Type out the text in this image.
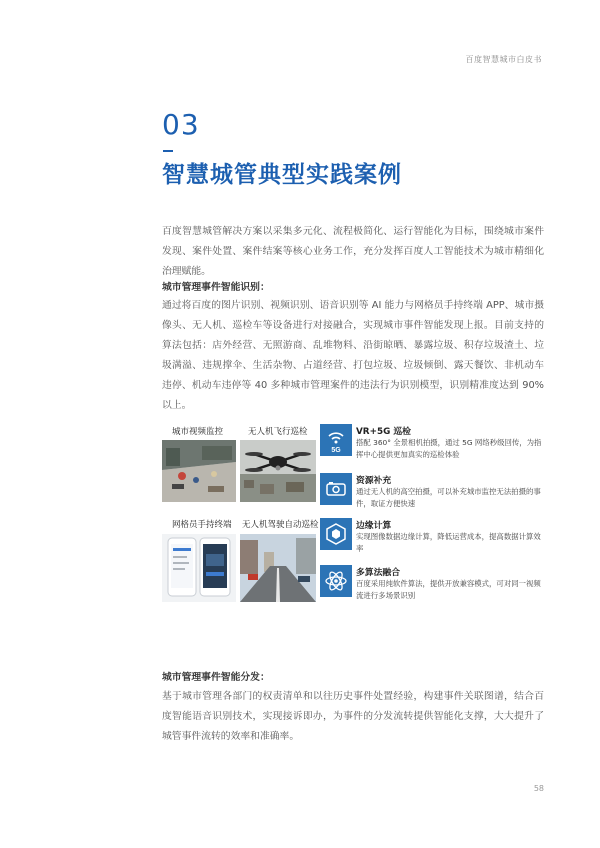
百度智慧城市白皮书
03
智慧城管典型实践案例
百度智慧城管解决方案以采集多元化、流程极简化、运行智能化为目标，围绕城市案件发现、案件处置、案件结案等核心业务工作，充分发挥百度人工智能技术为城市精细化治理赋能。
城市管理事件智能识别：
通过将百度的图片识别、视频识别、语音识别等 AI 能力与网格员手持终端 APP、城市摄像头、无人机、巡检车等设备进行对接融合，实现城市事件智能发现上报。目前支持的算法包括：店外经营、无照游商、乱堆物料、沿街晾晒、暴露垃圾、积存垃圾渣土、垃圾满溢、违规撑伞、生活杂物、占道经营、打包垃圾、垃圾倾倒、露天餐饮、非机动车违停、机动车违停等 40 多种城市管理案件的违法行为识别模型，识别精准度达到 90% 以上。
城市视频监控	无人机飞行巡检
网格员手持终端 无人机驾驶自动巡检
5G
VR+5G 巡检
搭配 360° 全景相机拍摄，通过 5G 网络秒级回传，为指挥中心提供更加真实的巡检体验
资源补充
通过无人机的高空拍摄，可以补充城市监控无法拍摄的事件，取证方便快速
边缘计算
实现图像数据边缘计算，降低运营成本，提高数据计算效率
多算法融合
百度采用纯软件算法，提供开放兼容模式，可对同一视频流进行多场景识别
城市管理事件智能分发：
基于城市管理各部门的权责清单和以往历史事件处置经验，构建事件关联图谱，结合百度智能语音识别技术，实现接诉即办，为事件的分发流转提供智能化支撑，大大提升了城管事件流转的效率和准确率。
58
